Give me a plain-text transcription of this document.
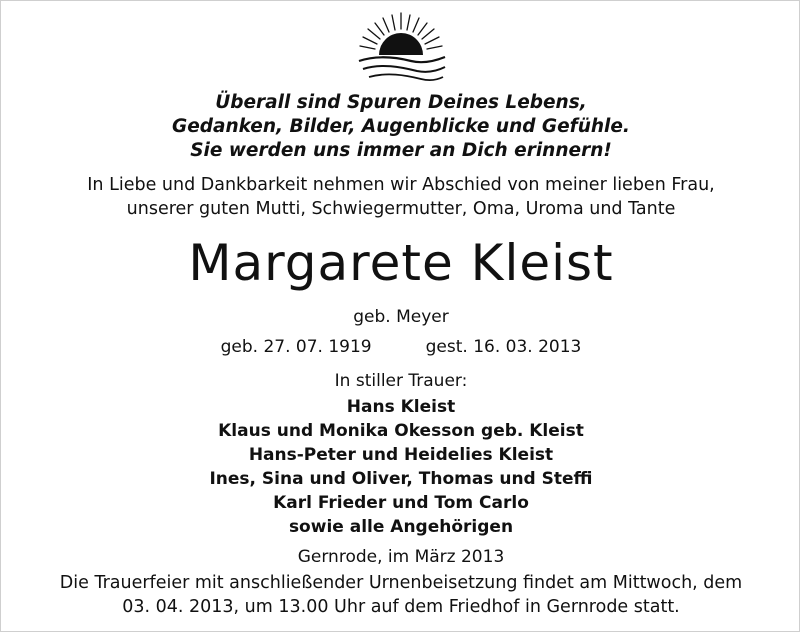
Überall sind Spuren Deines Lebens,
Gedanken, Bilder, Augenblicke und Gefühle.
Sie werden uns immer an Dich erinnern!
In Liebe und Dankbarkeit nehmen wir Abschied von meiner lieben Frau,
unserer guten Mutti, Schwiegermutter, Oma, Uroma und Tante
Margarete Kleist
geb. Meyer
geb. 27. 07. 1919	gest. 16. 03. 2013
In stiller Trauer:
Hans Kleist
Klaus und Monika Okesson geb. Kleist
Hans-Peter und Heidelies Kleist
Ines, Sina und Oliver, Thomas und Steffi
Karl Frieder und Tom Carlo
sowie alle Angehörigen
Gernrode, im März 2013
Die Trauerfeier mit anschließender Urnenbeisetzung findet am Mittwoch, dem
03. 04. 2013, um 13.00 Uhr auf dem Friedhof in Gernrode statt.
